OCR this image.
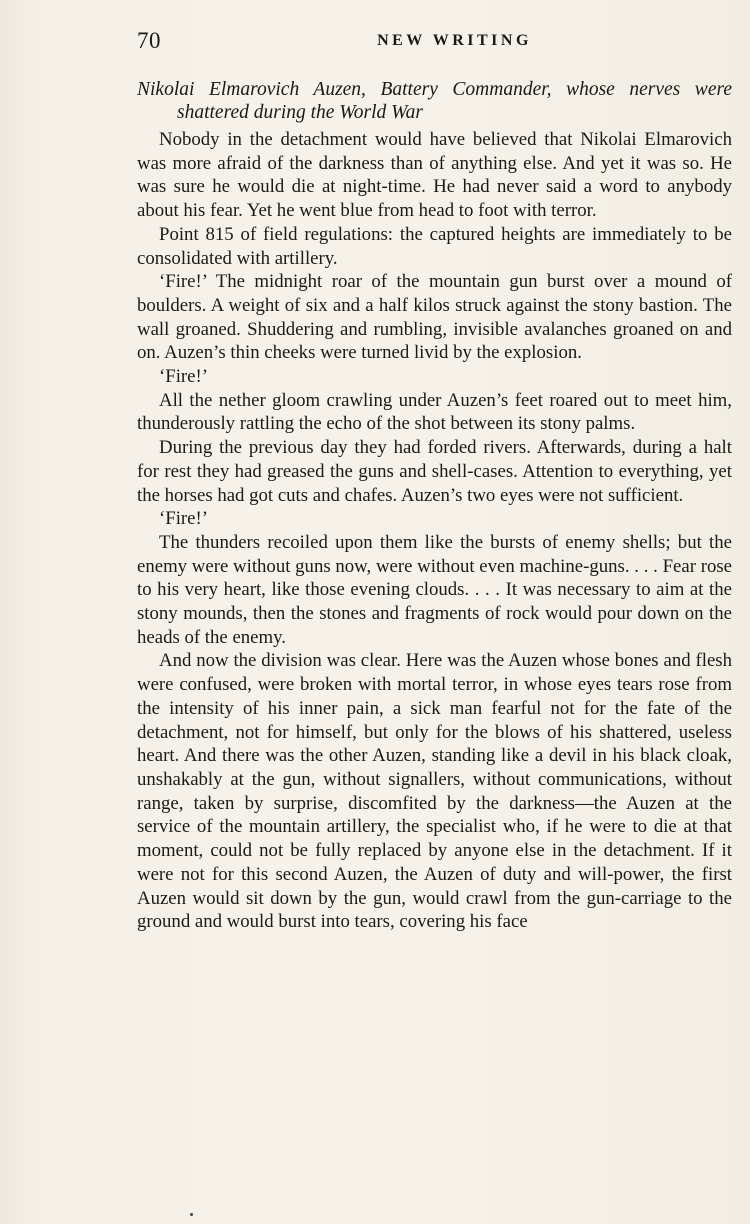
70	NEW WRITING
Nikolai Elmarovich Auzen, Battery Commander, whose nerves were shattered during the World War

Nobody in the detachment would have believed that Nikolai Elmarovich was more afraid of the darkness than of anything else. And yet it was so. He was sure he would die at night-time. He had never said a word to anybody about his fear. Yet he went blue from head to foot with terror.

Point 815 of field regulations: the captured heights are immediately to be consolidated with artillery.

‘Fire!’ The midnight roar of the mountain gun burst over a mound of boulders. A weight of six and a half kilos struck against the stony bastion. The wall groaned. Shuddering and rumbling, invisible avalanches groaned on and on. Auzen’s thin cheeks were turned livid by the explosion.

‘Fire!’

All the nether gloom crawling under Auzen’s feet roared out to meet him, thunderously rattling the echo of the shot between its stony palms.

During the previous day they had forded rivers. Afterwards, during a halt for rest they had greased the guns and shell-cases. Attention to everything, yet the horses had got cuts and chafes. Auzen’s two eyes were not sufficient.

‘Fire!’

The thunders recoiled upon them like the bursts of enemy shells; but the enemy were without guns now, were without even machine-guns. . . . Fear rose to his very heart, like those evening clouds. . . . It was necessary to aim at the stony mounds, then the stones and fragments of rock would pour down on the heads of the enemy.

And now the division was clear. Here was the Auzen whose bones and flesh were confused, were broken with mortal terror, in whose eyes tears rose from the intensity of his inner pain, a sick man fearful not for the fate of the detachment, not for himself, but only for the blows of his shattered, useless heart. And there was the other Auzen, standing like a devil in his black cloak, unshakably at the gun, without signallers, without communications, without range, taken by surprise, discomfited by the darkness—the Auzen at the service of the mountain artillery, the specialist who, if he were to die at that moment, could not be fully replaced by anyone else in the detachment. If it were not for this second Auzen, the Auzen of duty and will-power, the first Auzen would sit down by the gun, would crawl from the gun-carriage to the ground and would burst into tears, covering his face
